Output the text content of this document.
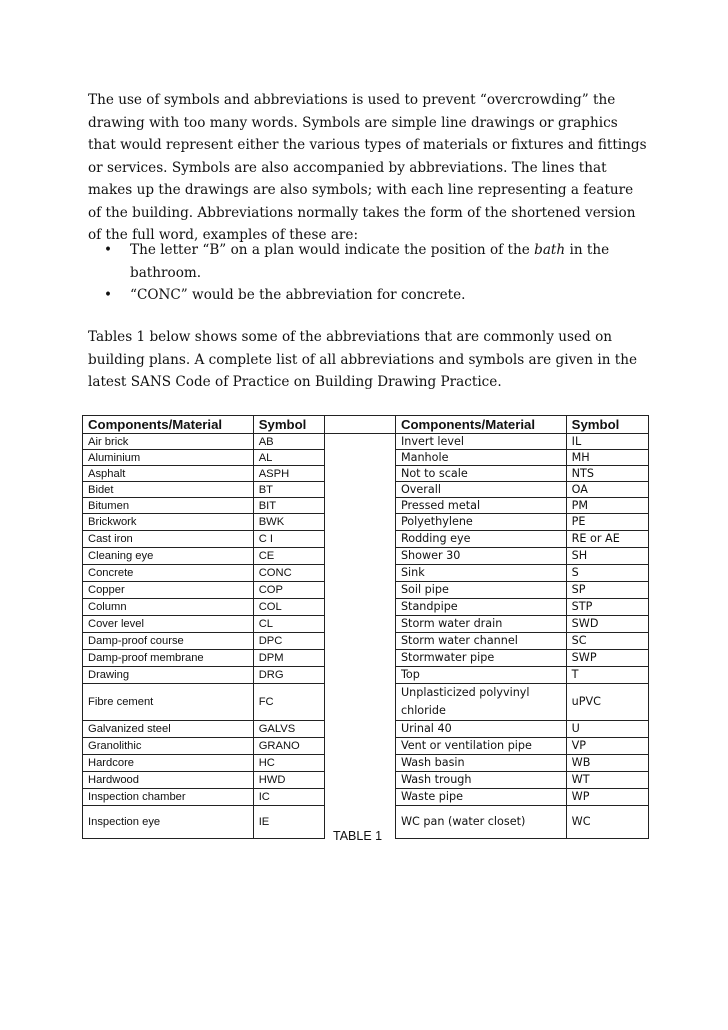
The use of symbols and abbreviations is used to prevent “overcrowding” the drawing with too many words. Symbols are simple line drawings or graphics that would represent either the various types of materials or fixtures and fittings or services. Symbols are also accompanied by abbreviations. The lines that makes up the drawings are also symbols; with each line representing a feature of the building. Abbreviations normally takes the form of the shortened version of the full word, examples of these are:
• The letter “B” on a plan would indicate the position of the bath in the bathroom.
• “CONC” would be the abbreviation for concrete.
Tables 1 below shows some of the abbreviations that are commonly used on building plans. A complete list of all abbreviations and symbols are given in the latest SANS Code of Practice on Building Drawing Practice.
Components/Material	Symbol		Components/Material	Symbol
Air brick	AB		Invert level	IL
Aluminium	AL		Manhole	MH
Asphalt	ASPH		Not to scale	NTS
Bidet	BT		Overall	OA
Bitumen	BIT		Pressed metal	PM
Brickwork	BWK		Polyethylene	PE
Cast iron	C I		Rodding eye	RE or AE
Cleaning eye	CE		Shower 30	SH
Concrete	CONC		Sink	S
Copper	COP		Soil pipe	SP
Column	COL		Standpipe	STP
Cover level	CL		Storm water drain	SWD
Damp-proof course	DPC		Storm water channel	SC
Damp-proof membrane	DPM		Stormwater pipe	SWP
Drawing	DRG		Top	T
Fibre cement	FC		Unplasticized polyvinyl chloride	uPVC
Galvanized steel	GALVS		Urinal 40	U
Granolithic	GRANO		Vent or ventilation pipe	VP
Hardcore	HC		Wash basin	WB
Hardwood	HWD		Wash trough	WT
Inspection chamber	IC		Waste pipe	WP
Inspection eye	IE		WC pan (water closet)	WC
TABLE 1
